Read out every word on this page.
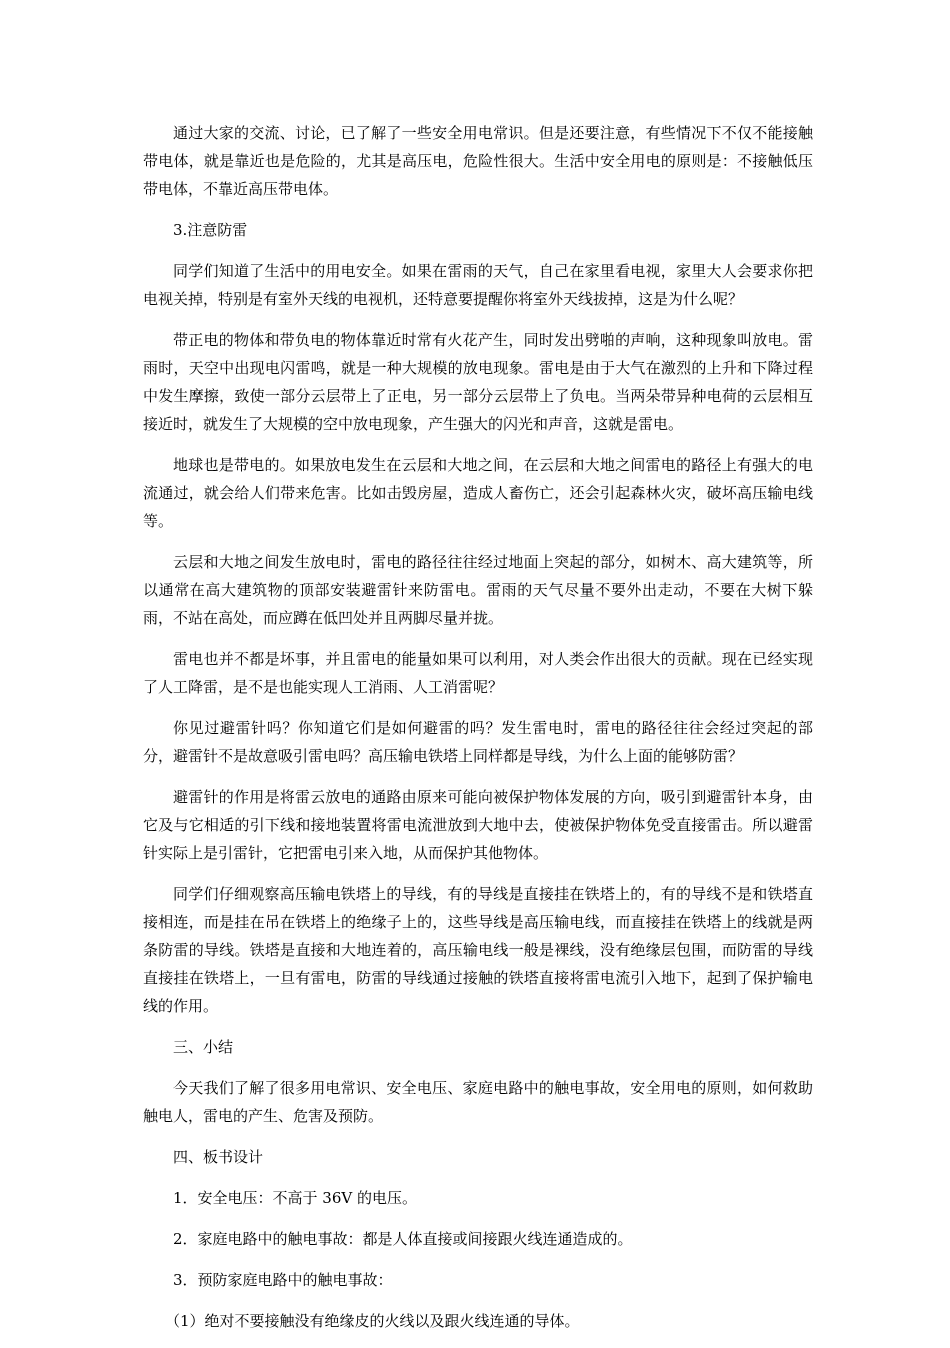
通过大家的交流、讨论，已了解了一些安全用电常识。但是还要注意，有些情况下不仅不能接触带电体，就是靠近也是危险的，尤其是高压电，危险性很大。生活中安全用电的原则是：不接触低压带电体，不靠近高压带电体。

3.注意防雷

同学们知道了生活中的用电安全。如果在雷雨的天气，自己在家里看电视，家里大人会要求你把电视关掉，特别是有室外天线的电视机，还特意要提醒你将室外天线拔掉，这是为什么呢？

带正电的物体和带负电的物体靠近时常有火花产生，同时发出劈啪的声响，这种现象叫放电。雷雨时，天空中出现电闪雷鸣，就是一种大规模的放电现象。雷电是由于大气在激烈的上升和下降过程中发生摩擦，致使一部分云层带上了正电，另一部分云层带上了负电。当两朵带异种电荷的云层相互接近时，就发生了大规模的空中放电现象，产生强大的闪光和声音，这就是雷电。

地球也是带电的。如果放电发生在云层和大地之间，在云层和大地之间雷电的路径上有强大的电流通过，就会给人们带来危害。比如击毁房屋，造成人畜伤亡，还会引起森林火灾，破坏高压输电线等。

云层和大地之间发生放电时，雷电的路径往往经过地面上突起的部分，如树木、高大建筑等，所以通常在高大建筑物的顶部安装避雷针来防雷电。雷雨的天气尽量不要外出走动，不要在大树下躲雨，不站在高处，而应蹲在低凹处并且两脚尽量并拢。

雷电也并不都是坏事，并且雷电的能量如果可以利用，对人类会作出很大的贡献。现在已经实现了人工降雷，是不是也能实现人工消雨、人工消雷呢？

你见过避雷针吗？你知道它们是如何避雷的吗？发生雷电时，雷电的路径往往会经过突起的部分，避雷针不是故意吸引雷电吗？高压输电铁塔上同样都是导线，为什么上面的能够防雷？

避雷针的作用是将雷云放电的通路由原来可能向被保护物体发展的方向，吸引到避雷针本身，由它及与它相适的引下线和接地装置将雷电流泄放到大地中去，使被保护物体免受直接雷击。所以避雷针实际上是引雷针，它把雷电引来入地，从而保护其他物体。

同学们仔细观察高压输电铁塔上的导线，有的导线是直接挂在铁塔上的，有的导线不是和铁塔直接相连，而是挂在吊在铁塔上的绝缘子上的，这些导线是高压输电线，而直接挂在铁塔上的线就是两条防雷的导线。铁塔是直接和大地连着的，高压输电线一般是裸线，没有绝缘层包围，而防雷的导线直接挂在铁塔上，一旦有雷电，防雷的导线通过接触的铁塔直接将雷电流引入地下，起到了保护输电线的作用。

三、小结

今天我们了解了很多用电常识、安全电压、家庭电路中的触电事故，安全用电的原则，如何救助触电人，雷电的产生、危害及预防。

四、板书设计

1．安全电压：不高于 36V 的电压。

2．家庭电路中的触电事故：都是人体直接或间接跟火线连通造成的。

3．预防家庭电路中的触电事故：

（1）绝对不要接触没有绝缘皮的火线以及跟火线连通的导体。
